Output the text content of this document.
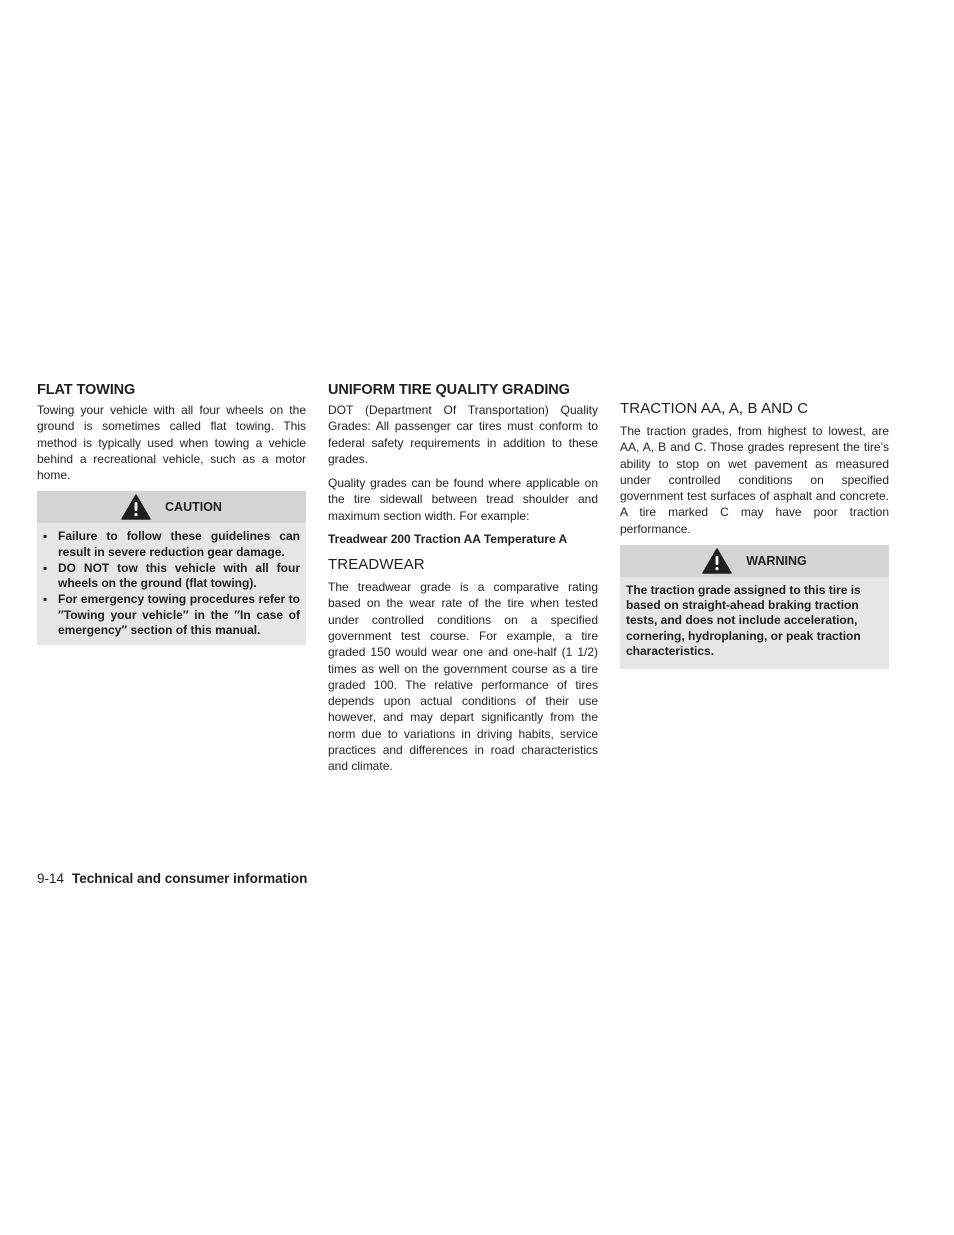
FLAT TOWING

Towing your vehicle with all four wheels on the ground is sometimes called flat towing. This method is typically used when towing a vehicle behind a recreational vehicle, such as a motor home.

CAUTION
▪ Failure to follow these guidelines can result in severe reduction gear damage.
▪ DO NOT tow this vehicle with all four wheels on the ground (flat towing).
▪ For emergency towing procedures refer to ″Towing your vehicle″ in the ″In case of emergency″ section of this manual.
UNIFORM TIRE QUALITY GRADING

DOT (Department Of Transportation) Quality Grades: All passenger car tires must conform to federal safety requirements in addition to these grades.

Quality grades can be found where applicable on the tire sidewall between tread shoulder and maximum section width. For example:

Treadwear 200 Traction AA Temperature A
TREADWEAR

The treadwear grade is a comparative rating based on the wear rate of the tire when tested under controlled conditions on a specified government test course. For example, a tire graded 150 would wear one and one-half (1 1/2) times as well on the government course as a tire graded 100. The relative performance of tires depends upon actual conditions of their use however, and may depart significantly from the norm due to variations in driving habits, service practices and differences in road characteristics and climate.

TRACTION AA, A, B AND C

The traction grades, from highest to lowest, are AA, A, B and C. Those grades represent the tire’s ability to stop on wet pavement as measured under controlled conditions on specified government test surfaces of asphalt and concrete. A tire marked C may have poor traction performance.

WARNING
The traction grade assigned to this tire is based on straight-ahead braking traction tests, and does not include acceleration, cornering, hydroplaning, or peak traction characteristics.
9-14 Technical and consumer information
